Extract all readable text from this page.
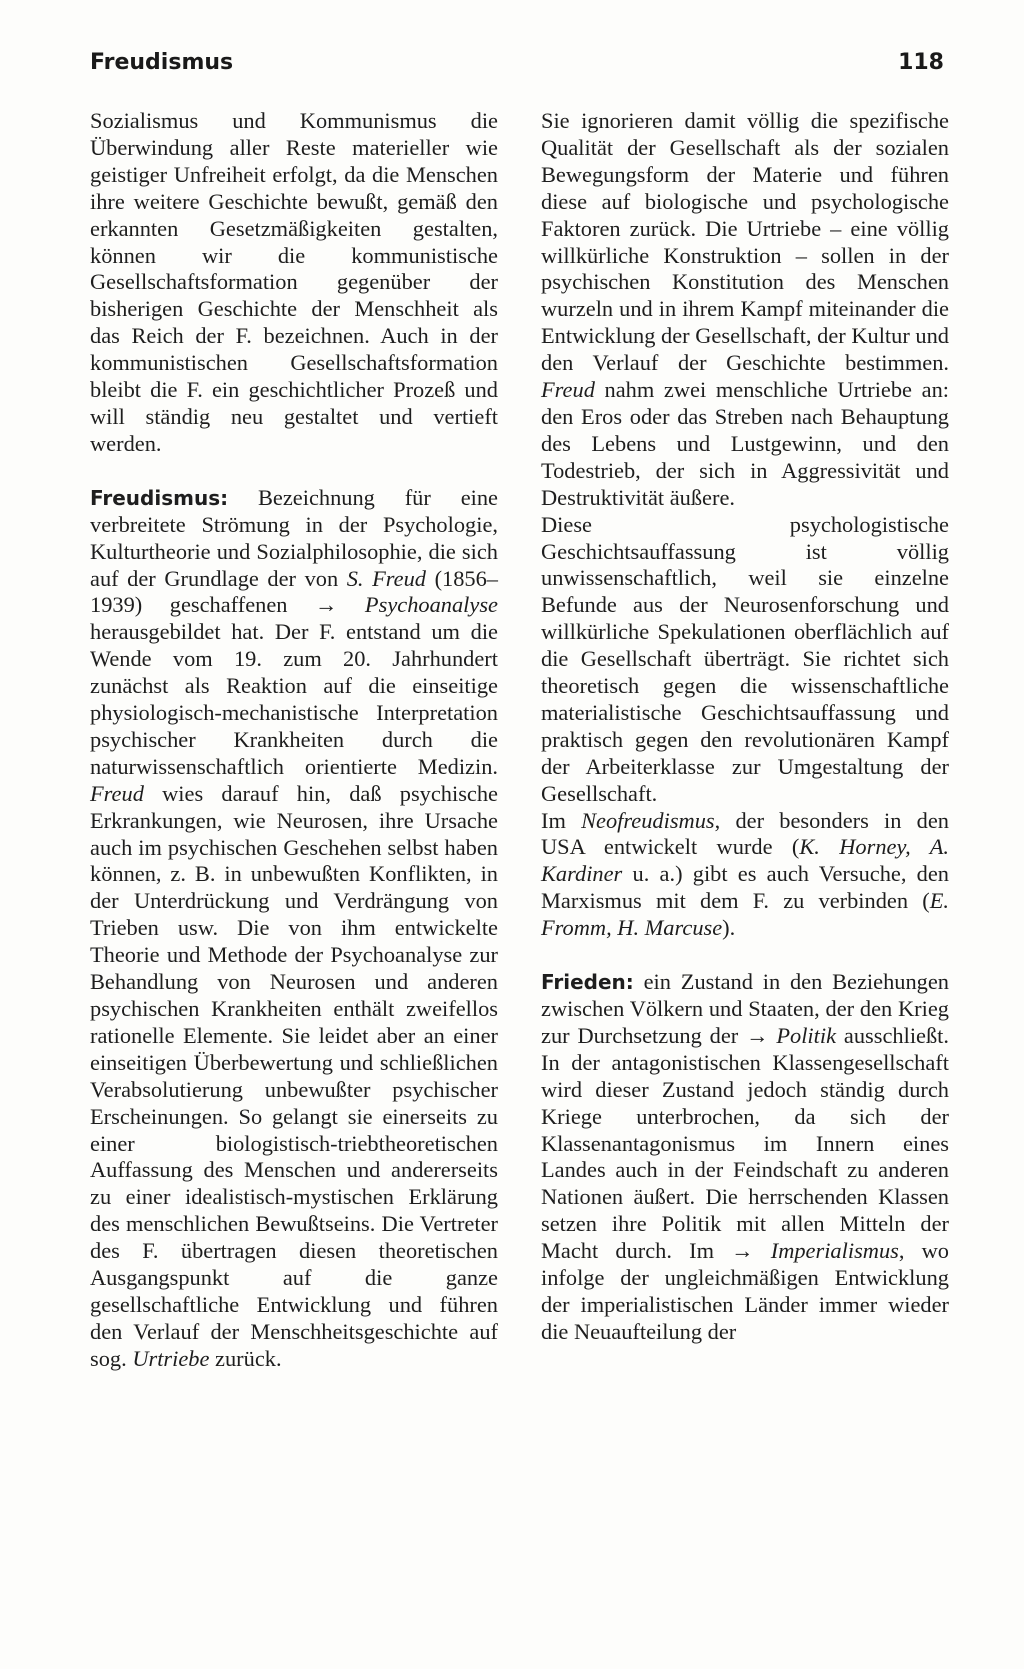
Freudismus	118

Sozialismus und Kommunismus die Überwindung aller Reste materieller wie geistiger Unfreiheit erfolgt, da die Menschen ihre weitere Geschichte bewußt, gemäß den erkannten Gesetzmäßigkeiten gestalten, können wir die kommunistische Gesellschaftsformation gegenüber der bisherigen Geschichte der Menschheit als das Reich der F. bezeichnen. Auch in der kommunistischen Gesellschaftsformation bleibt die F. ein geschichtlicher Prozeß und will ständig neu gestaltet und vertieft werden.

Freudismus: Bezeichnung für eine verbreitete Strömung in der Psychologie, Kulturtheorie und Sozialphilosophie, die sich auf der Grundlage der von S. Freud (1856–1939) geschaffenen → Psychoanalyse herausgebildet hat. Der F. entstand um die Wende vom 19. zum 20. Jahrhundert zunächst als Reaktion auf die einseitige physiologisch-mechanistische Interpretation psychischer Krankheiten durch die naturwissenschaftlich orientierte Medizin. Freud wies darauf hin, daß psychische Erkrankungen, wie Neurosen, ihre Ursache auch im psychischen Geschehen selbst haben können, z. B. in unbewußten Konflikten, in der Unterdrückung und Verdrängung von Trieben usw. Die von ihm entwickelte Theorie und Methode der Psychoanalyse zur Behandlung von Neurosen und anderen psychischen Krankheiten enthält zweifellos rationelle Elemente. Sie leidet aber an einer einseitigen Überbewertung und schließlichen Verabsolutierung unbewußter psychischer Erscheinungen. So gelangt sie einerseits zu einer biologistisch-triebtheoretischen Auffassung des Menschen und andererseits zu einer idealistisch-mystischen Erklärung des menschlichen Bewußtseins. Die Vertreter des F. übertragen diesen theoretischen Ausgangspunkt auf die ganze gesellschaftliche Entwicklung und führen den Verlauf der Menschheitsgeschichte auf sog. Urtriebe zurück.

Sie ignorieren damit völlig die spezifische Qualität der Gesellschaft als der sozialen Bewegungsform der Materie und führen diese auf biologische und psychologische Faktoren zurück. Die Urtriebe – eine völlig willkürliche Konstruktion – sollen in der psychischen Konstitution des Menschen wurzeln und in ihrem Kampf miteinander die Entwicklung der Gesellschaft, der Kultur und den Verlauf der Geschichte bestimmen. Freud nahm zwei menschliche Urtriebe an: den Eros oder das Streben nach Behauptung des Lebens und Lustgewinn, und den Todestrieb, der sich in Aggressivität und Destruktivität äußere.

Diese psychologistische Geschichtsauffassung ist völlig unwissenschaftlich, weil sie einzelne Befunde aus der Neurosenforschung und willkürliche Spekulationen oberflächlich auf die Gesellschaft überträgt. Sie richtet sich theoretisch gegen die wissenschaftliche materialistische Geschichtsauffassung und praktisch gegen den revolutionären Kampf der Arbeiterklasse zur Umgestaltung der Gesellschaft.

Im Neofreudismus, der besonders in den USA entwickelt wurde (K. Horney, A. Kardiner u. a.) gibt es auch Versuche, den Marxismus mit dem F. zu verbinden (E. Fromm, H. Marcuse).

Frieden: ein Zustand in den Beziehungen zwischen Völkern und Staaten, der den Krieg zur Durchsetzung der → Politik ausschließt. In der antagonistischen Klassengesellschaft wird dieser Zustand jedoch ständig durch Kriege unterbrochen, da sich der Klassenantagonismus im Innern eines Landes auch in der Feindschaft zu anderen Nationen äußert. Die herrschenden Klassen setzen ihre Politik mit allen Mitteln der Macht durch. Im → Imperialismus, wo infolge der ungleichmäßigen Entwicklung der imperialistischen Länder immer wieder die Neuaufteilung der
